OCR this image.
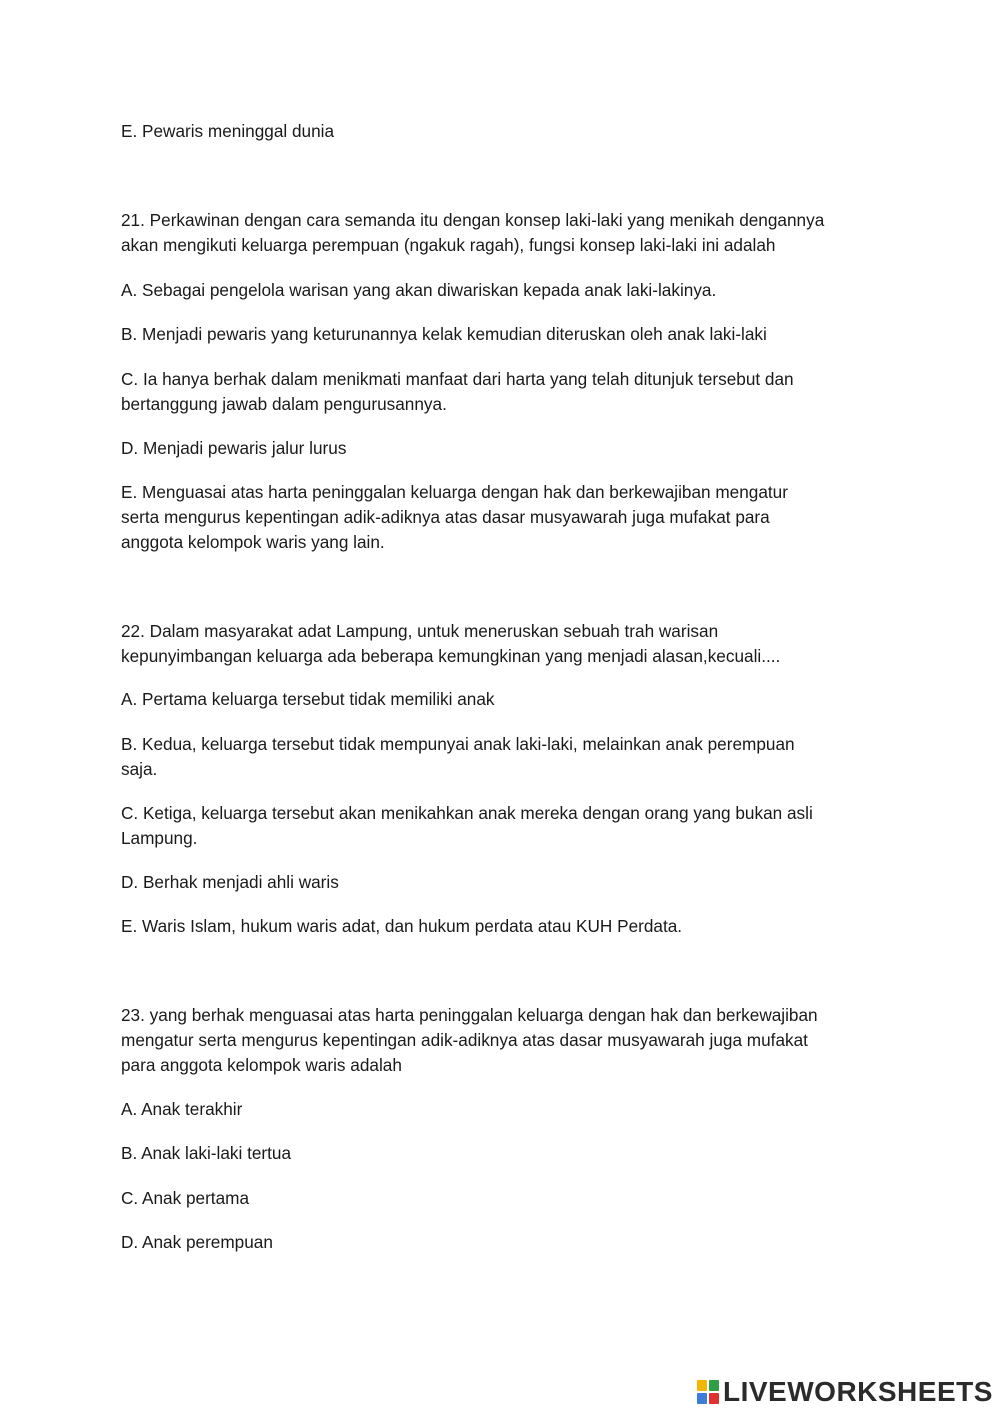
E. Pewaris meninggal dunia

21. Perkawinan dengan cara semanda itu dengan konsep laki-laki yang menikah dengannya

akan mengikuti keluarga perempuan (ngakuk ragah), fungsi konsep laki-laki ini adalah

A. Sebagai pengelola warisan yang akan diwariskan kepada anak laki-lakinya.

B. Menjadi pewaris yang keturunannya kelak kemudian diteruskan oleh anak laki-laki

C. Ia hanya berhak dalam menikmati manfaat dari harta yang telah ditunjuk tersebut dan

bertanggung jawab dalam pengurusannya.

D. Menjadi pewaris jalur lurus

E. Menguasai atas harta peninggalan keluarga dengan hak dan berkewajiban mengatur

serta mengurus kepentingan adik-adiknya atas dasar musyawarah juga mufakat para

anggota kelompok waris yang lain.

22. Dalam masyarakat adat Lampung, untuk meneruskan sebuah trah warisan

kepunyimbangan keluarga ada beberapa kemungkinan yang menjadi alasan,kecuali....

A. Pertama keluarga tersebut tidak memiliki anak

B. Kedua, keluarga tersebut tidak mempunyai anak laki-laki, melainkan anak perempuan

saja.

C. Ketiga, keluarga tersebut akan menikahkan anak mereka dengan orang yang bukan asli

Lampung.

D. Berhak menjadi ahli waris

E. Waris Islam, hukum waris adat, dan hukum perdata atau KUH Perdata.

23. yang berhak menguasai atas harta peninggalan keluarga dengan hak dan berkewajiban

mengatur serta mengurus kepentingan adik-adiknya atas dasar musyawarah juga mufakat

para anggota kelompok waris adalah

A. Anak terakhir

B. Anak laki-laki tertua

C. Anak pertama

D. Anak perempuan

LIVEWORKSHEETS
